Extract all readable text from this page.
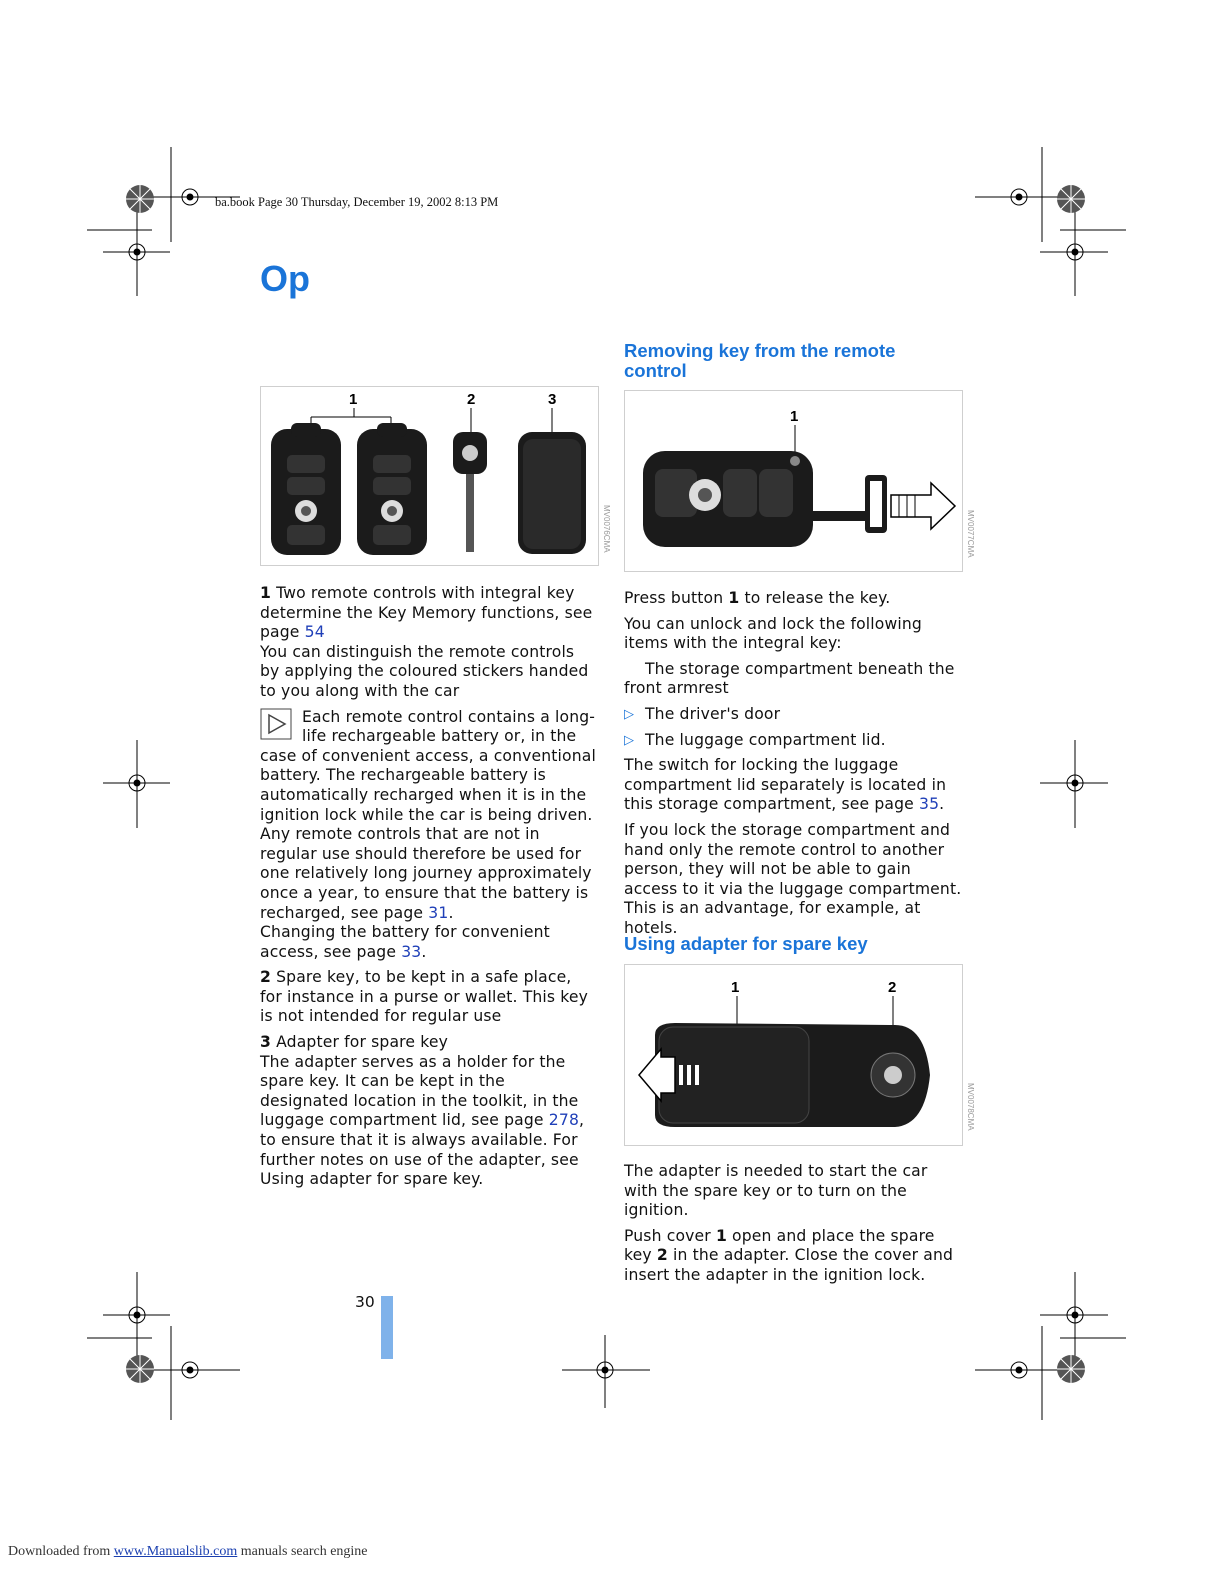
ba.book Page 30 Thursday, December 19, 2002 8:13 PM
Op
1	2	3
MV0076CMA

1 Two remote controls with integral key determine the Key Memory functions, see page 54

You can distinguish the remote controls by applying the coloured stickers handed to you along with the car

Each remote control contains a long-life rechargeable battery or, in the case of convenient access, a conventional battery. The rechargeable battery is automatically recharged when it is in the ignition lock while the car is being driven.

Any remote controls that are not in regular use should therefore be used for one relatively long journey approximately once a year, to ensure that the battery is recharged, see page 31.

Changing the battery for convenient access, see page 33.

2 Spare key, to be kept in a safe place, for instance in a purse or wallet. This key is not intended for regular use

3 Adapter for spare key

The adapter serves as a holder for the spare key. It can be kept in the designated location in the toolkit, in the luggage compartment lid, see page 278, to ensure that it is always available. For further notes on use of the adapter, see Using adapter for spare key.

Removing key from the remote control
1
MV0077CMA

Press button 1 to release the key.

You can unlock and lock the following items with the integral key:

The storage compartment beneath the front armrest

▷ The driver's door
▷ The luggage compartment lid.

The switch for locking the luggage compartment lid separately is located in this storage compartment, see page 35.

If you lock the storage compartment and hand only the remote control to another person, they will not be able to gain access to it via the luggage compartment. This is an advantage, for example, at hotels.

Using adapter for spare key
1	2
MV0078CMA

The adapter is needed to start the car with the spare key or to turn on the ignition.

Push cover 1 open and place the spare key 2 in the adapter. Close the cover and insert the adapter in the ignition lock.

30
Downloaded from www.Manualslib.com manuals search engine
